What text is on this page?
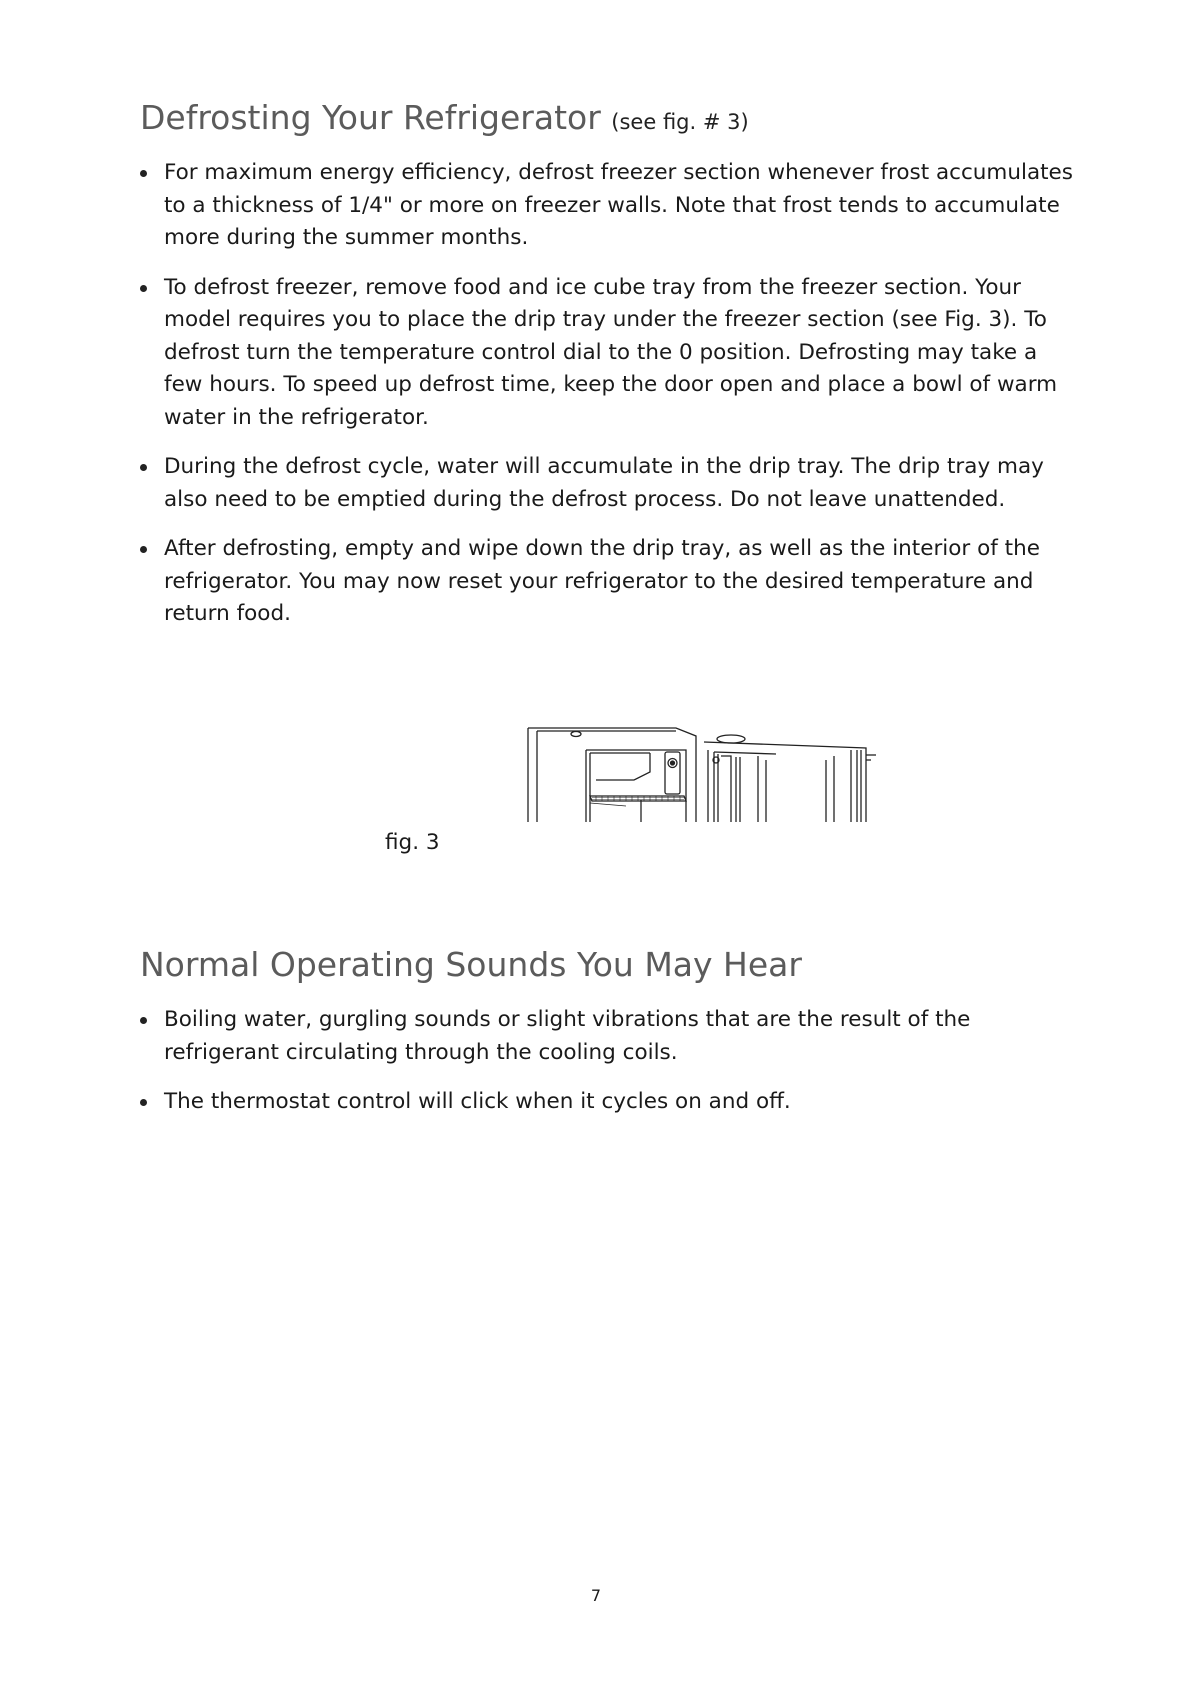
Defrosting Your Refrigerator (see fig. # 3)
For maximum energy efficiency, defrost freezer section whenever frost accumulates to a thickness of 1/4" or more on freezer walls. Note that frost tends to accumulate more during the summer months.
To defrost freezer, remove food and ice cube tray from the freezer section. Your model requires you to place the drip tray under the freezer section (see Fig. 3). To defrost turn the temperature control dial to the 0 position. Defrosting may take a few hours. To speed up defrost time, keep the door open and place a bowl of warm water in the refrigerator.
During the defrost cycle, water will accumulate in the drip tray. The drip tray may also need to be emptied during the defrost process. Do not leave unattended.
After defrosting, empty and wipe down the drip tray, as well as the interior of the refrigerator. You may now reset your refrigerator to the desired temperature and return food.
fig. 3
Normal Operating Sounds You May Hear
Boiling water, gurgling sounds or slight vibrations that are the result of the refrigerant circulating through the cooling coils.
The thermostat control will click when it cycles on and off.
7
